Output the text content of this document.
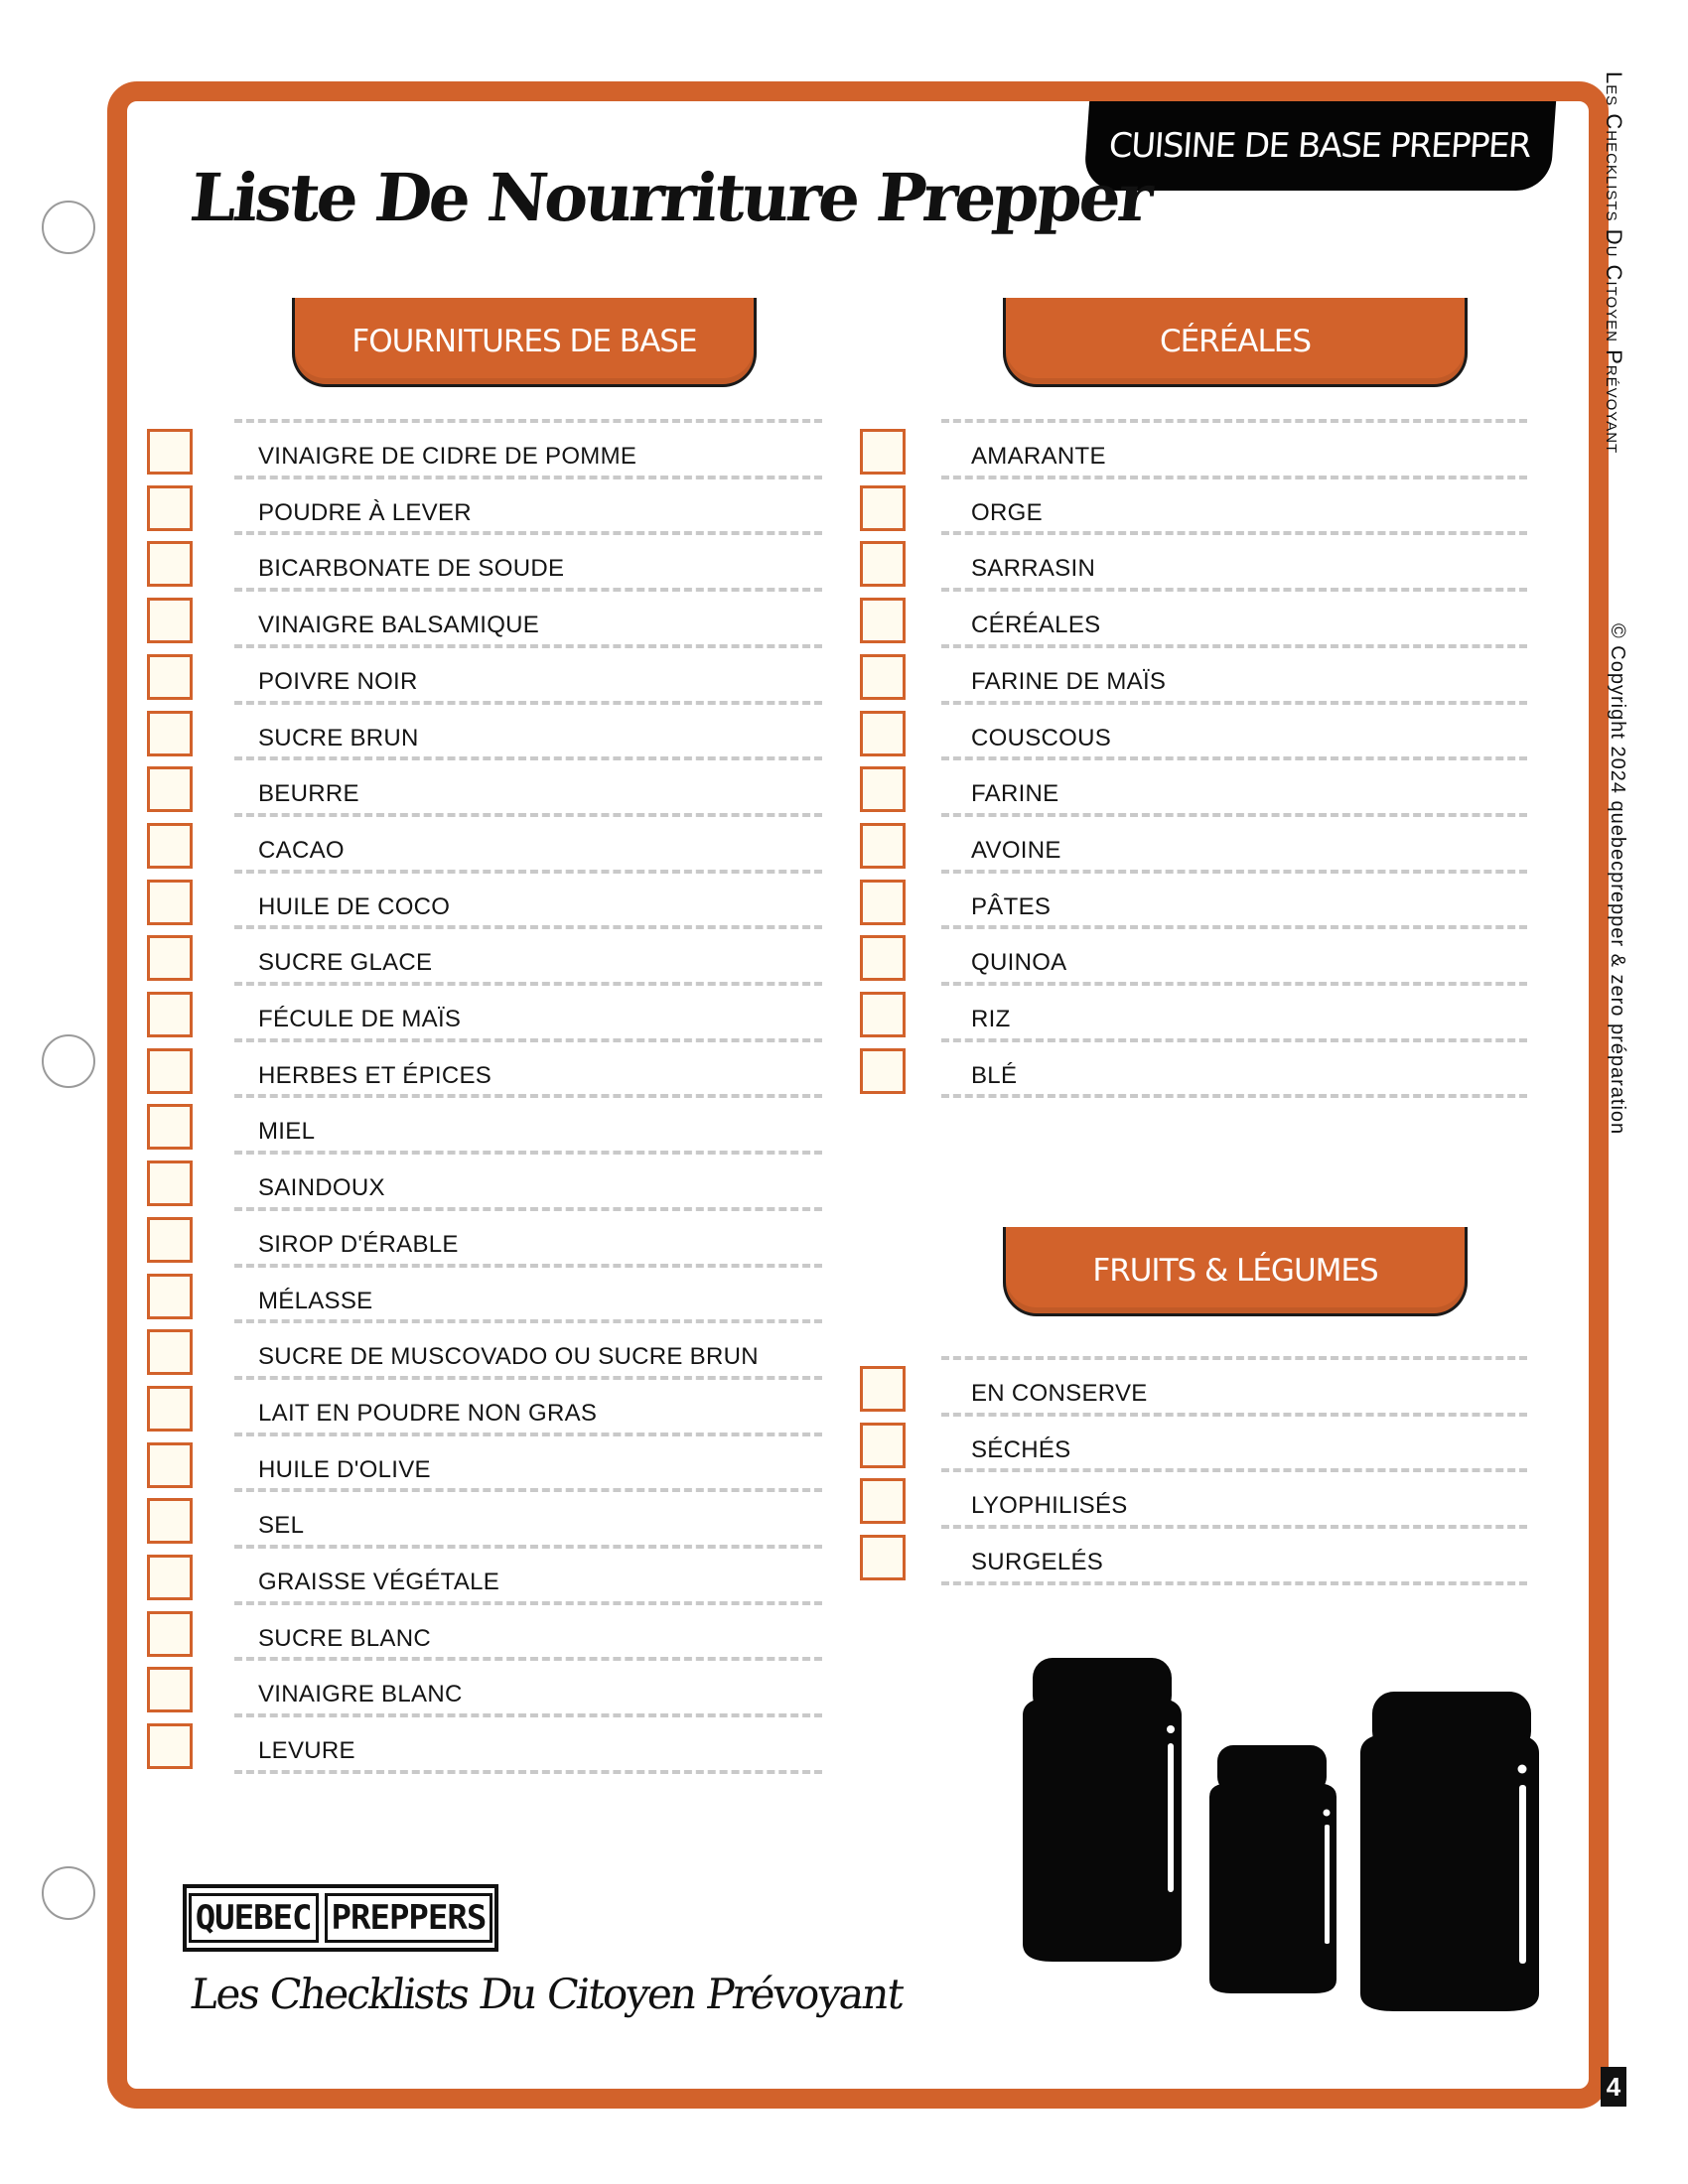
CUISINE DE BASE PREPPER
Liste De Nourriture Prepper
FOURNITURES DE BASE	CÉRÉALES
FRUITS & LÉGUMES
Les Checklists Du Citoyen Prévoyant
© Copyright 2024 quebecprepper & zero préparation
4
QUEBEC PREPPERS
Les Checklists Du Citoyen Prévoyant
VINAIGRE DE CIDRE DE POMME
POUDRE À LEVER
BICARBONATE DE SOUDE
VINAIGRE BALSAMIQUE
POIVRE NOIR
SUCRE BRUN
BEURRE
CACAO
HUILE DE COCO
SUCRE GLACE
FÉCULE DE MAÏS
HERBES ET ÉPICES
MIEL
SAINDOUX
SIROP D'ÉRABLE
MÉLASSE
SUCRE DE MUSCOVADO OU SUCRE BRUN
LAIT EN POUDRE NON GRAS
HUILE D'OLIVE
SEL
GRAISSE VÉGÉTALE
SUCRE BLANC
VINAIGRE BLANC
LEVURE
AMARANTE
ORGE
SARRASIN
CÉRÉALES
FARINE DE MAÏS
COUSCOUS
FARINE
AVOINE
PÂTES
QUINOA
RIZ
BLÉ
EN CONSERVE
SÉCHÉS
LYOPHILISÉS
SURGELÉS
